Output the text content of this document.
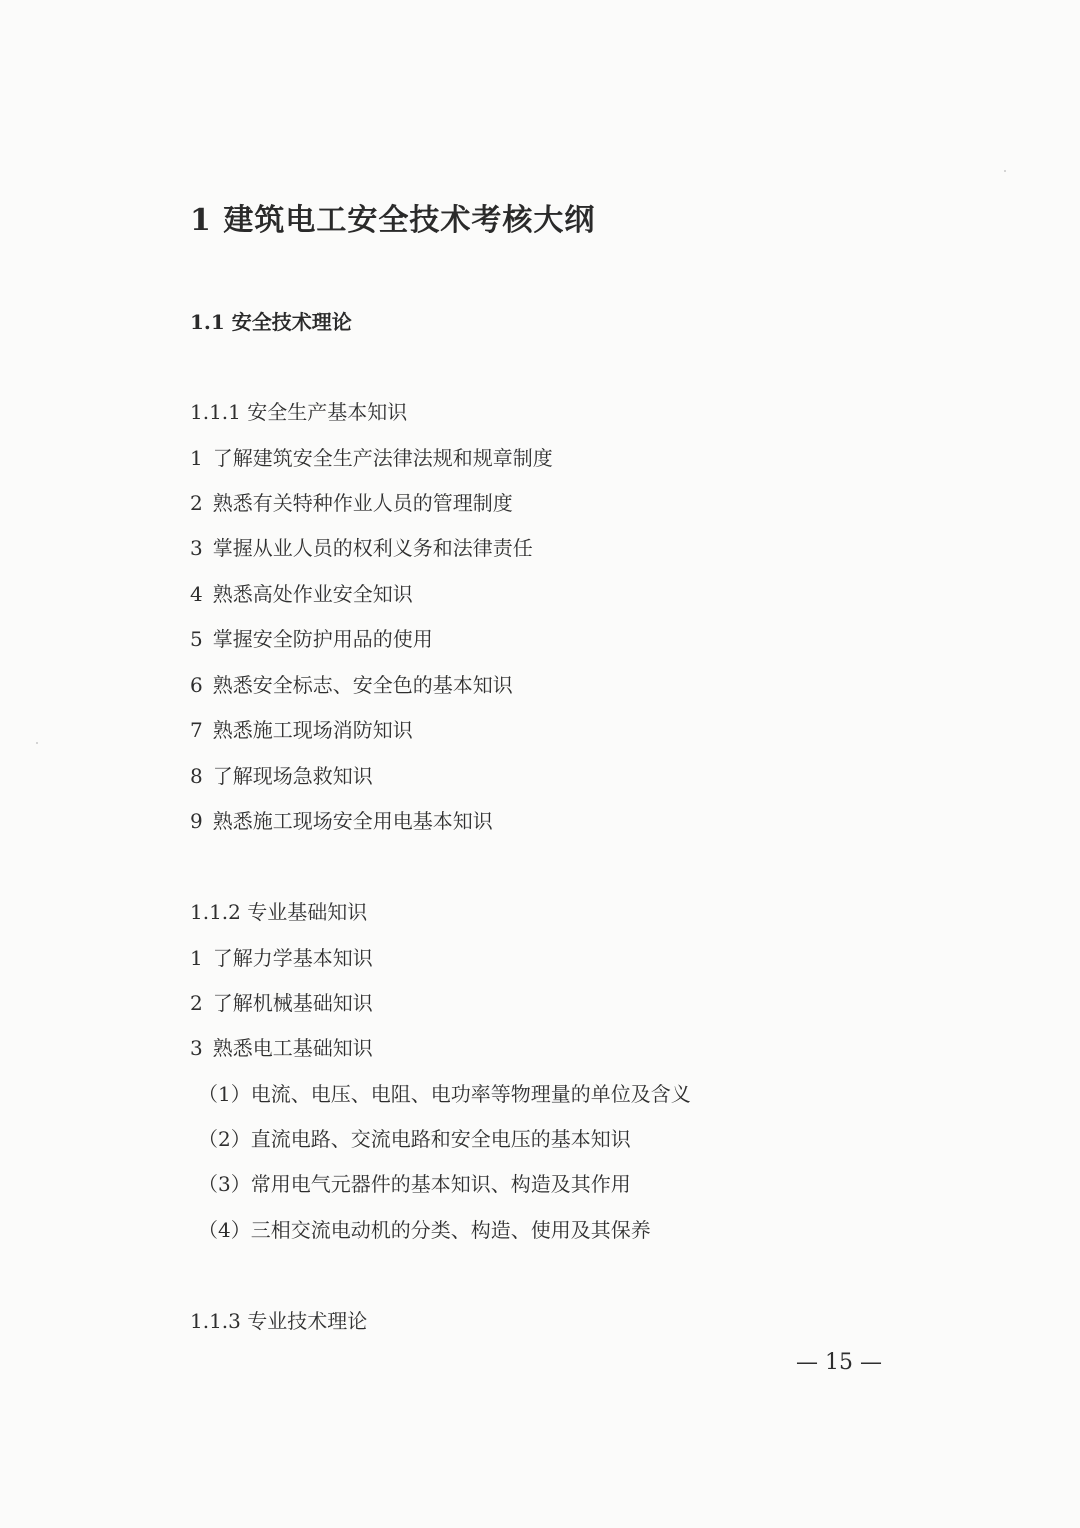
1 建筑电工安全技术考核大纲
1.1 安全技术理论

1.1.1 安全生产基本知识

1 了解建筑安全生产法律法规和规章制度

2 熟悉有关特种作业人员的管理制度

3 掌握从业人员的权利义务和法律责任

4 熟悉高处作业安全知识

5 掌握安全防护用品的使用

6 熟悉安全标志、安全色的基本知识

7 熟悉施工现场消防知识

8 了解现场急救知识

9 熟悉施工现场安全用电基本知识

1.1.2 专业基础知识

1 了解力学基本知识

2 了解机械基础知识

3 熟悉电工基础知识

（1）电流、电压、电阻、电功率等物理量的单位及含义

（2）直流电路、交流电路和安全电压的基本知识

（3）常用电气元器件的基本知识、构造及其作用

（4）三相交流电动机的分类、构造、使用及其保养

1.1.3 专业技术理论

— 15 —
